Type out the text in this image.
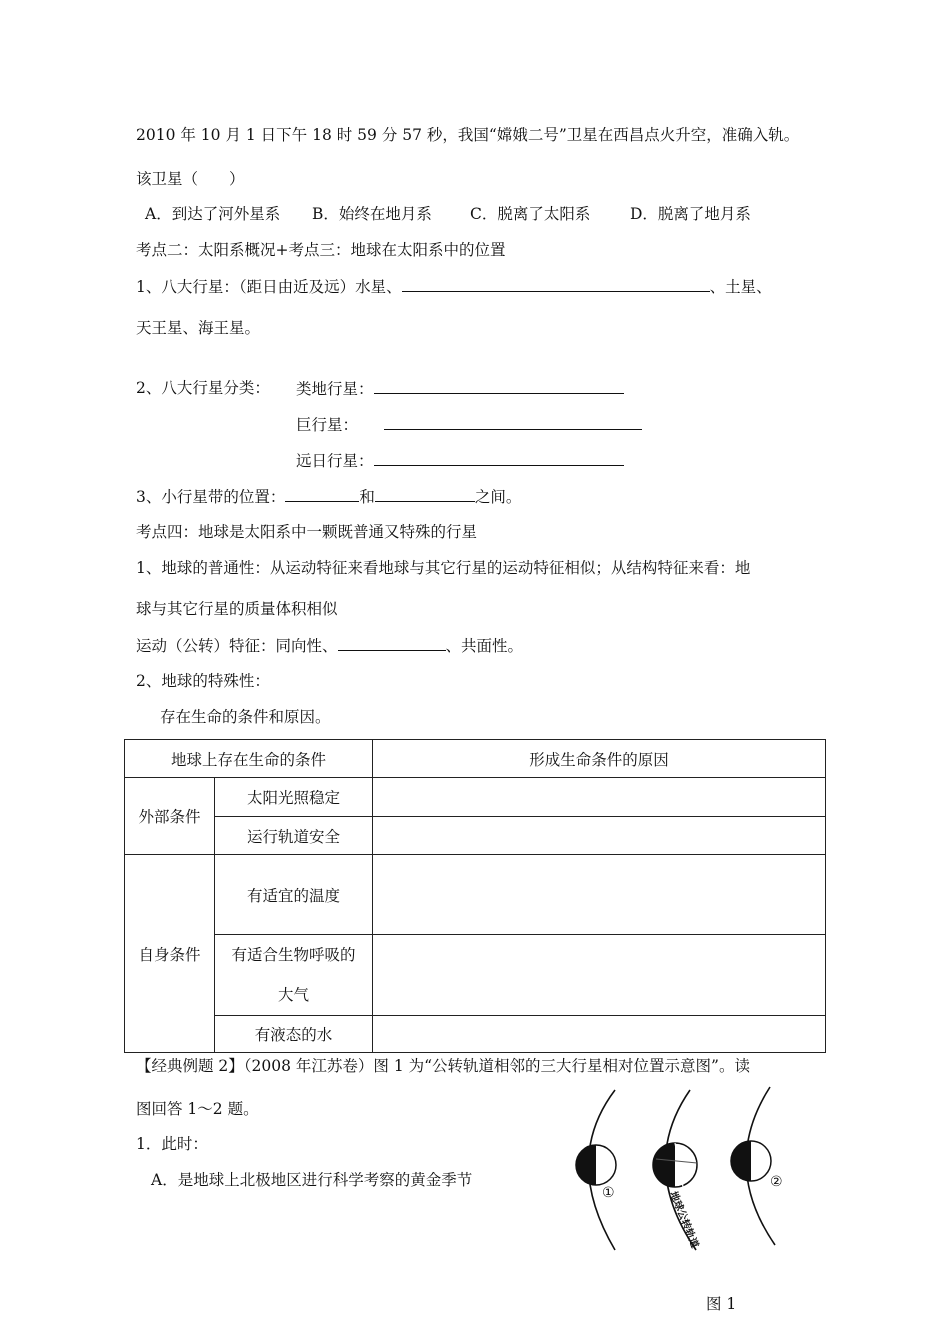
2010 年 10 月 1 日下午 18 时 59 分 57 秒，我国“嫦娥二号”卫星在西昌点火升空，准确入轨。
该卫星（　　）
A．到达了河外星系 B．始终在地月系 C．脱离了太阳系	D．脱离了地月系
考点二：太阳系概况+考点三：地球在太阳系中的位置
1、八大行星：（距日由近及远）水星、	、土星、
天王星、海王星。
2、八大行星分类： 类地行星：
巨行星：
远日行星：
3、小行星带的位置：	和	之间。
考点四：地球是太阳系中一颗既普通又特殊的行星
1、地球的普通性：从运动特征来看地球与其它行星的运动特征相似；从结构特征来看：地
球与其它行星的质量体积相似
运动（公转）特征：同向性、	、共面性。
2、地球的特殊性：
存在生命的条件和原因。
地球上存在生命的条件		形成生命条件的原因
外部条件	太阳光照稳定	
	运行轨道安全	
自身条件	有适宜的温度	

	有适合生物呼吸的
大气	

	有液态的水	
【经典例题 2】（2008 年江苏卷）图 1 为“公转轨道相邻的三大行星相对位置示意图”。读
图回答 1～2 题。
1．此时：
A．是地球上北极地区进行科学考察的黄金季节
①
②
地球公转轨道
图 1
